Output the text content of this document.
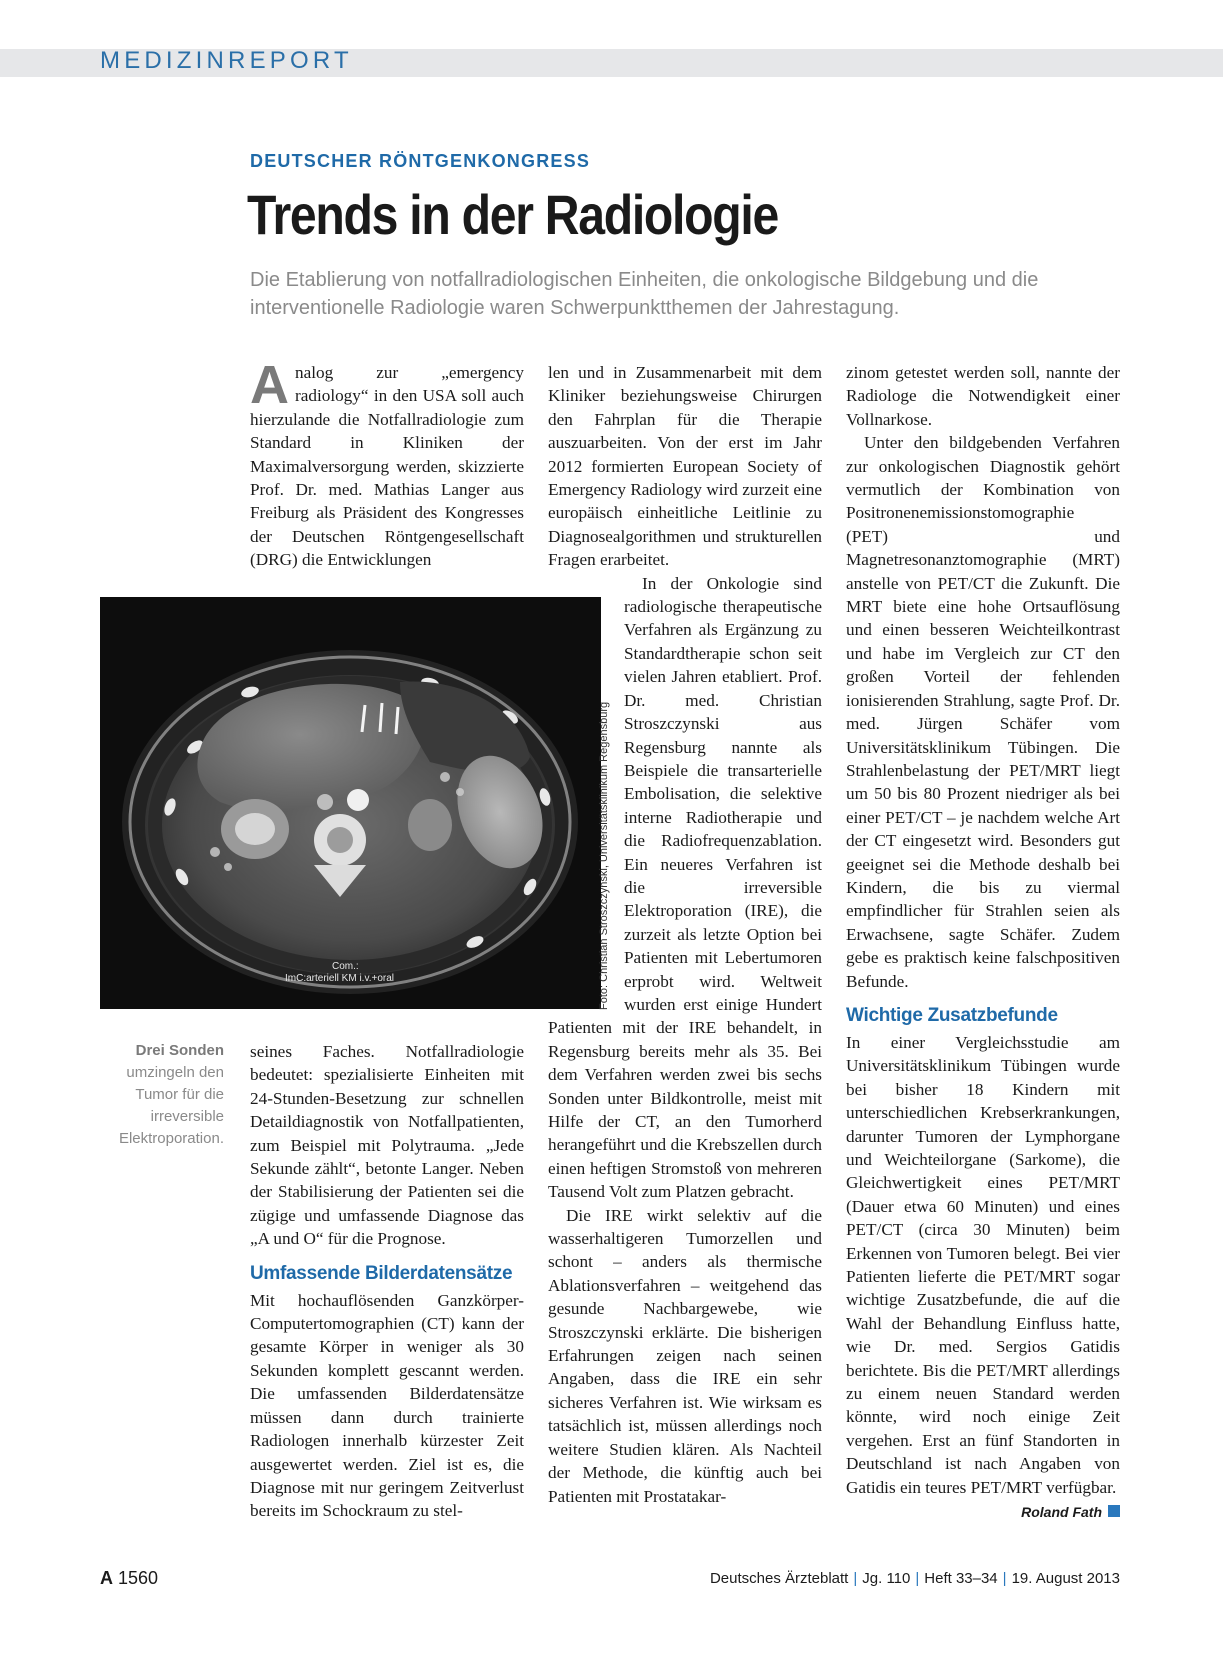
MEDIZINREPORT
DEUTSCHER RÖNTGENKONGRESS
Trends in der Radiologie
Die Etablierung von notfallradiologischen Einheiten, die onkologische Bildgebung und die interventionelle Radiologie waren Schwerpunktthemen der Jahrestagung.

A nalog zur „emergency radiology“ in den USA soll auch hierzulande die Notfallradiologie zum Standard in Kliniken der Maximalversorgung werden, skizzierte Prof. Dr. med. Mathias Langer aus Freiburg als Präsident des Kongresses der Deutschen Röntgengesellschaft (DRG) die Entwicklungen

Com.:
ImC:arteriell KM i.v.+oral	Foto: Christian Stroszczynski, Universitätsklinikum Regensburg
Drei Sonden umzingeln den Tumor für die irreversible Elektroporation.

seines Faches. Notfallradiologie bedeutet: spezialisierte Einheiten mit 24-Stunden-Besetzung zur schnellen Detaildiagnostik von Notfallpatienten, zum Beispiel mit Polytrauma. „Jede Sekunde zählt“, betonte Langer. Neben der Stabilisierung der Patienten sei die zügige und umfassende Diagnose das „A und O“ für die Prognose.

Umfassende Bilderdatensätze

Mit hochauflösenden Ganzkörper-Computertomographien (CT) kann der gesamte Körper in weniger als 30 Sekunden komplett gescannt werden. Die umfassenden Bilderdatensätze müssen dann durch trainierte Radiologen innerhalb kürzester Zeit ausgewertet werden. Ziel ist es, die Diagnose mit nur geringem Zeitverlust bereits im Schockraum zu stel-

len und in Zusammenarbeit mit dem Kliniker beziehungsweise Chirurgen den Fahrplan für die Therapie auszuarbeiten. Von der erst im Jahr 2012 formierten European Society of Emergency Radiology wird zurzeit eine europäisch einheitliche Leitlinie zu Diagnosealgorithmen und strukturellen Fragen erarbeitet.

In der Onkologie sind radiologische therapeutische Verfahren als Ergänzung zu Standardtherapie schon seit vielen Jahren etabliert. Prof. Dr. med. Christian Stroszczynski aus Regensburg nannte als Beispiele die transarterielle Embolisation, die selektive interne Radiotherapie und die Radiofrequenzablation. Ein neueres Verfahren ist die irreversible Elektroporation (IRE), die zurzeit als letzte Option bei Patienten mit Lebertumoren erprobt wird. Weltweit wurden erst einige Hundert Patienten mit der IRE behandelt, in Regensburg bereits mehr als 35. Bei dem Verfahren werden zwei bis sechs Sonden unter Bildkontrolle, meist mit Hilfe der CT, an den Tumorherd herangeführt und die Krebszellen durch einen heftigen Stromstoß von mehreren Tausend Volt zum Platzen gebracht.

Die IRE wirkt selektiv auf die wasserhaltigeren Tumorzellen und schont – anders als thermische Ablationsverfahren – weitgehend das gesunde Nachbargewebe, wie Stroszczynski erklärte. Die bisherigen Erfahrungen zeigen nach seinen Angaben, dass die IRE ein sehr sicheres Verfahren ist. Wie wirksam es tatsächlich ist, müssen allerdings noch weitere Studien klären. Als Nachteil der Methode, die künftig auch bei Patienten mit Prostatakar-

zinom getestet werden soll, nannte der Radiologe die Notwendigkeit einer Vollnarkose.

Unter den bildgebenden Verfahren zur onkologischen Diagnostik gehört vermutlich der Kombination von Positronenemissionstomographie (PET) und Magnetresonanztomographie (MRT) anstelle von PET/CT die Zukunft. Die MRT biete eine hohe Ortsauflösung und einen besseren Weichteilkontrast und habe im Vergleich zur CT den großen Vorteil der fehlenden ionisierenden Strahlung, sagte Prof. Dr. med. Jürgen Schäfer vom Universitätsklinikum Tübingen. Die Strahlenbelastung der PET/MRT liegt um 50 bis 80 Prozent niedriger als bei einer PET/CT – je nachdem welche Art der CT eingesetzt wird. Besonders gut geeignet sei die Methode deshalb bei Kindern, die bis zu viermal empfindlicher für Strahlen seien als Erwachsene, sagte Schäfer. Zudem gebe es praktisch keine falschpositiven Befunde.

Wichtige Zusatzbefunde

In einer Vergleichsstudie am Universitätsklinikum Tübingen wurde bei bisher 18 Kindern mit unterschiedlichen Krebserkrankungen, darunter Tumoren der Lymphorgane und Weichteilorgane (Sarkome), die Gleichwertigkeit eines PET/MRT (Dauer etwa 60 Minuten) und eines PET/CT (circa 30 Minuten) beim Erkennen von Tumoren belegt. Bei vier Patienten lieferte die PET/MRT sogar wichtige Zusatzbefunde, die auf die Wahl der Behandlung Einfluss hatte, wie Dr. med. Sergios Gatidis berichtete. Bis die PET/MRT allerdings zu einem neuen Standard werden könnte, wird noch einige Zeit vergehen. Erst an fünf Standorten in Deutschland ist nach Angaben von Gatidis ein teures PET/MRT verfügbar.

Roland Fath
A 1560	Deutsches Ärzteblatt | Jg. 110 | Heft 33–34 | 19. August 2013
